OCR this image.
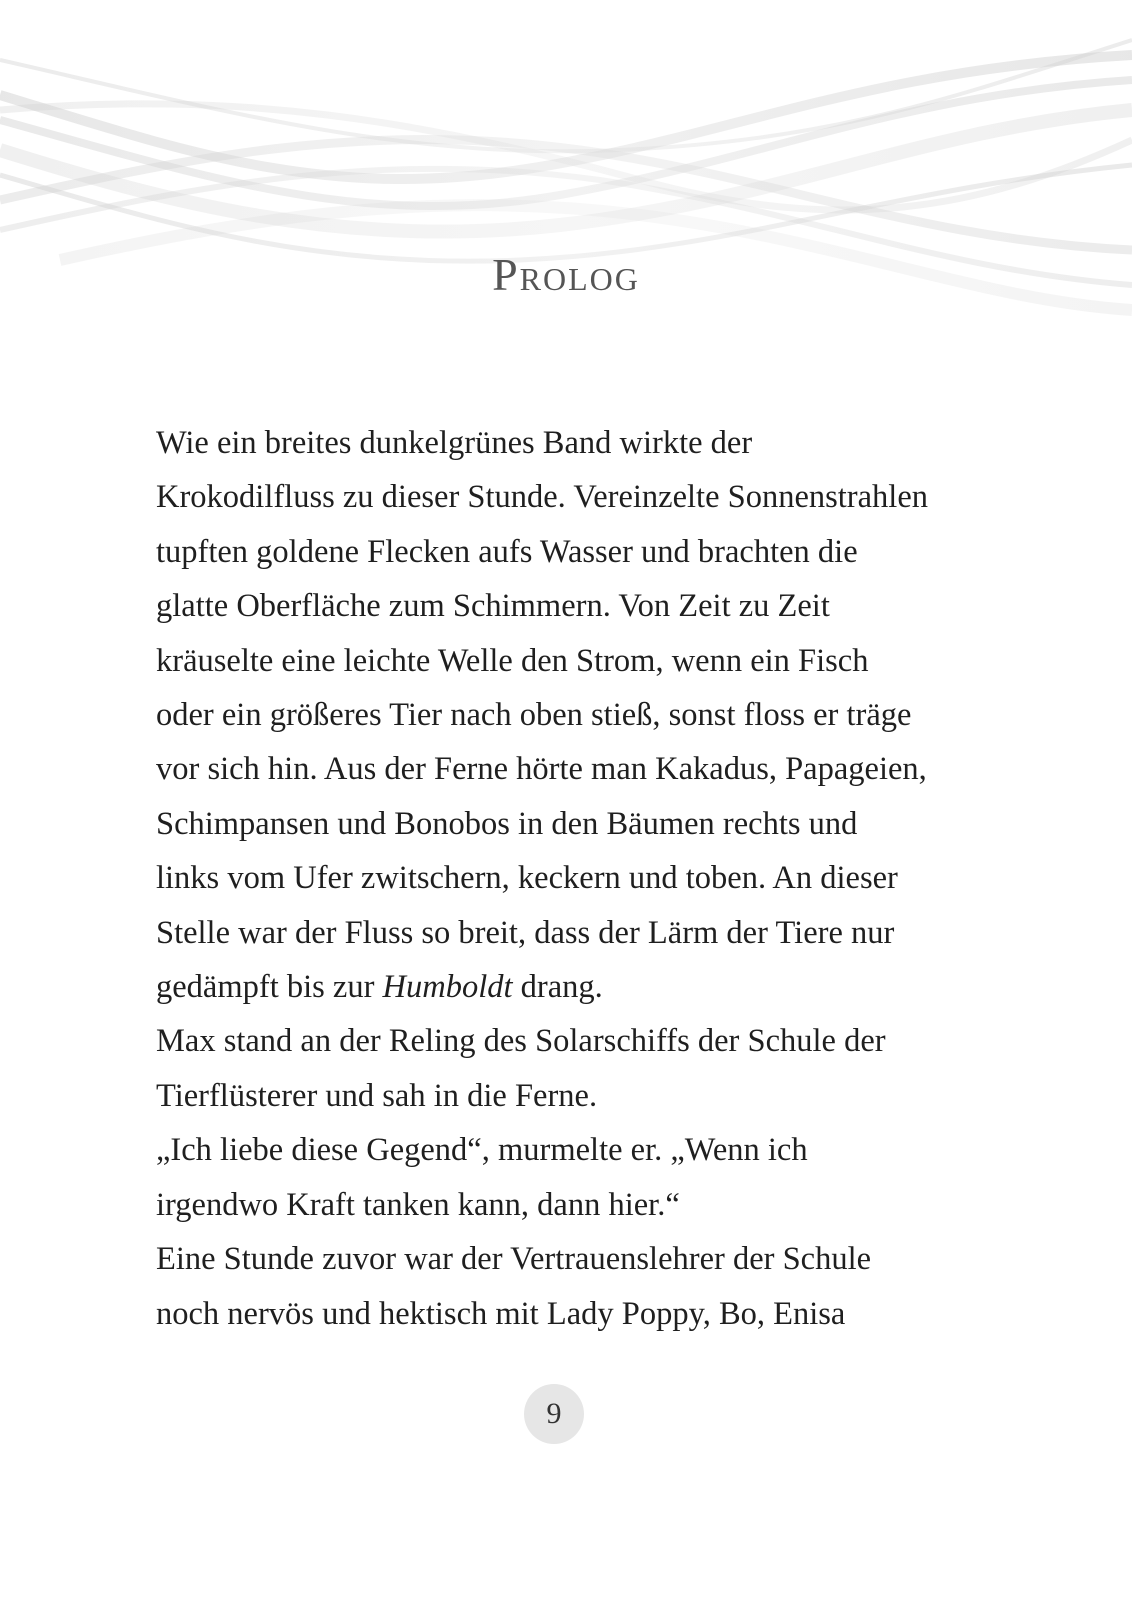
Prolog
Wie ein breites dunkelgrünes Band wirkte der
Krokodilfluss zu dieser Stunde. Vereinzelte Sonnenstrahlen
tupften goldene Flecken aufs Wasser und brachten die
glatte Oberfläche zum Schimmern. Von Zeit zu Zeit
kräuselte eine leichte Welle den Strom, wenn ein Fisch
oder ein größeres Tier nach oben stieß, sonst floss er träge
vor sich hin. Aus der Ferne hörte man Kakadus, Papageien,
Schimpansen und Bonobos in den Bäumen rechts und
links vom Ufer zwitschern, keckern und toben. An dieser
Stelle war der Fluss so breit, dass der Lärm der Tiere nur
gedämpft bis zur Humboldt drang.
Max stand an der Reling des Solarschiffs der Schule der
Tierflüsterer und sah in die Ferne.
„Ich liebe diese Gegend“, murmelte er. „Wenn ich
irgendwo Kraft tanken kann, dann hier.“
Eine Stunde zuvor war der Vertrauenslehrer der Schule
noch nervös und hektisch mit Lady Poppy, Bo, Enisa
9
